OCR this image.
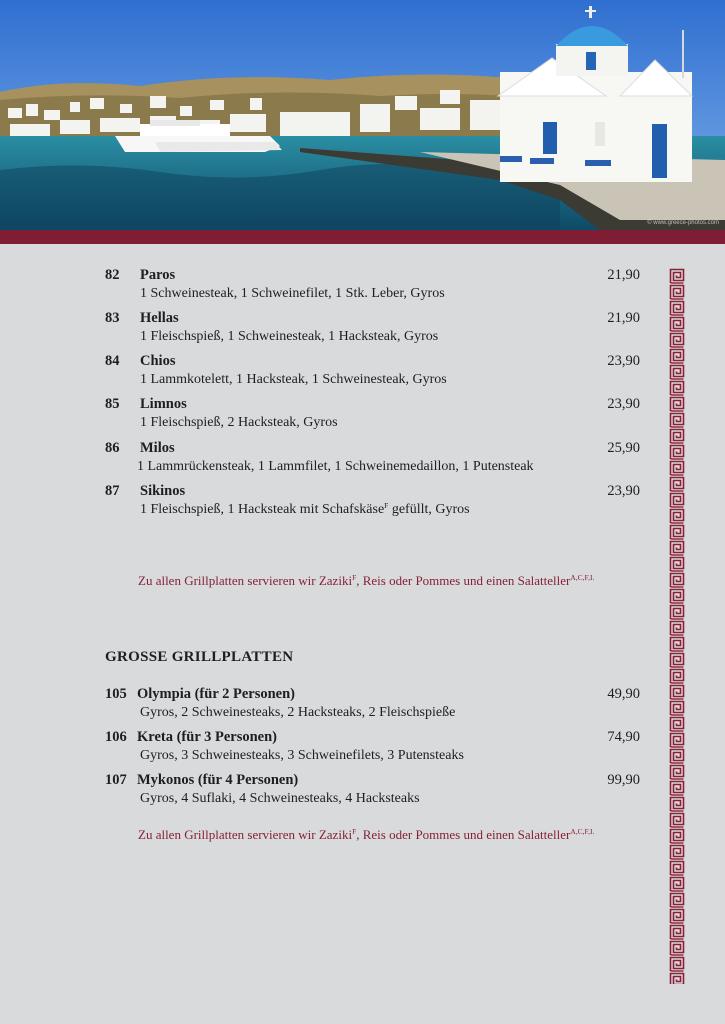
© www.greece-photos.com
82 Paros	21,90
1 Schweinesteak, 1 Schweinefilet, 1 Stk. Leber, Gyros
83 Hellas	21,90
1 Fleischspieß, 1 Schweinesteak, 1 Hacksteak, Gyros
84 Chios	23,90
1 Lammkotelett, 1 Hacksteak, 1 Schweinesteak, Gyros
85 Limnos	23,90
1 Fleischspieß, 2 Hacksteak, Gyros
86 Milos	25,90
1 Lammrückensteak, 1 Lammfilet, 1 Schweinemedaillon, 1 Putensteak
87 Sikinos	23,90
1 Fleischspieß, 1 Hacksteak mit Schafskäse$^F$ gefüllt, Gyros
Zu allen Grillplatten servieren wir Zaziki$^F$, Reis oder Pommes und einen Salatteller$^{A,C,F,I.}$
GROSSE GRILLPLATTEN
105 Olympia (für 2 Personen)	49,90
Gyros, 2 Schweinesteaks, 2 Hacksteaks, 2 Fleischspieße
106 Kreta (für 3 Personen)	74,90
Gyros, 3 Schweinesteaks, 3 Schweinefilets, 3 Putensteaks
107 Mykonos (für 4 Personen)	99,90
Gyros, 4 Suflaki, 4 Schweinesteaks, 4 Hacksteaks
Zu allen Grillplatten servieren wir Zaziki$^F$, Reis oder Pommes und einen Salatteller$^{A,C,F,I.}$
